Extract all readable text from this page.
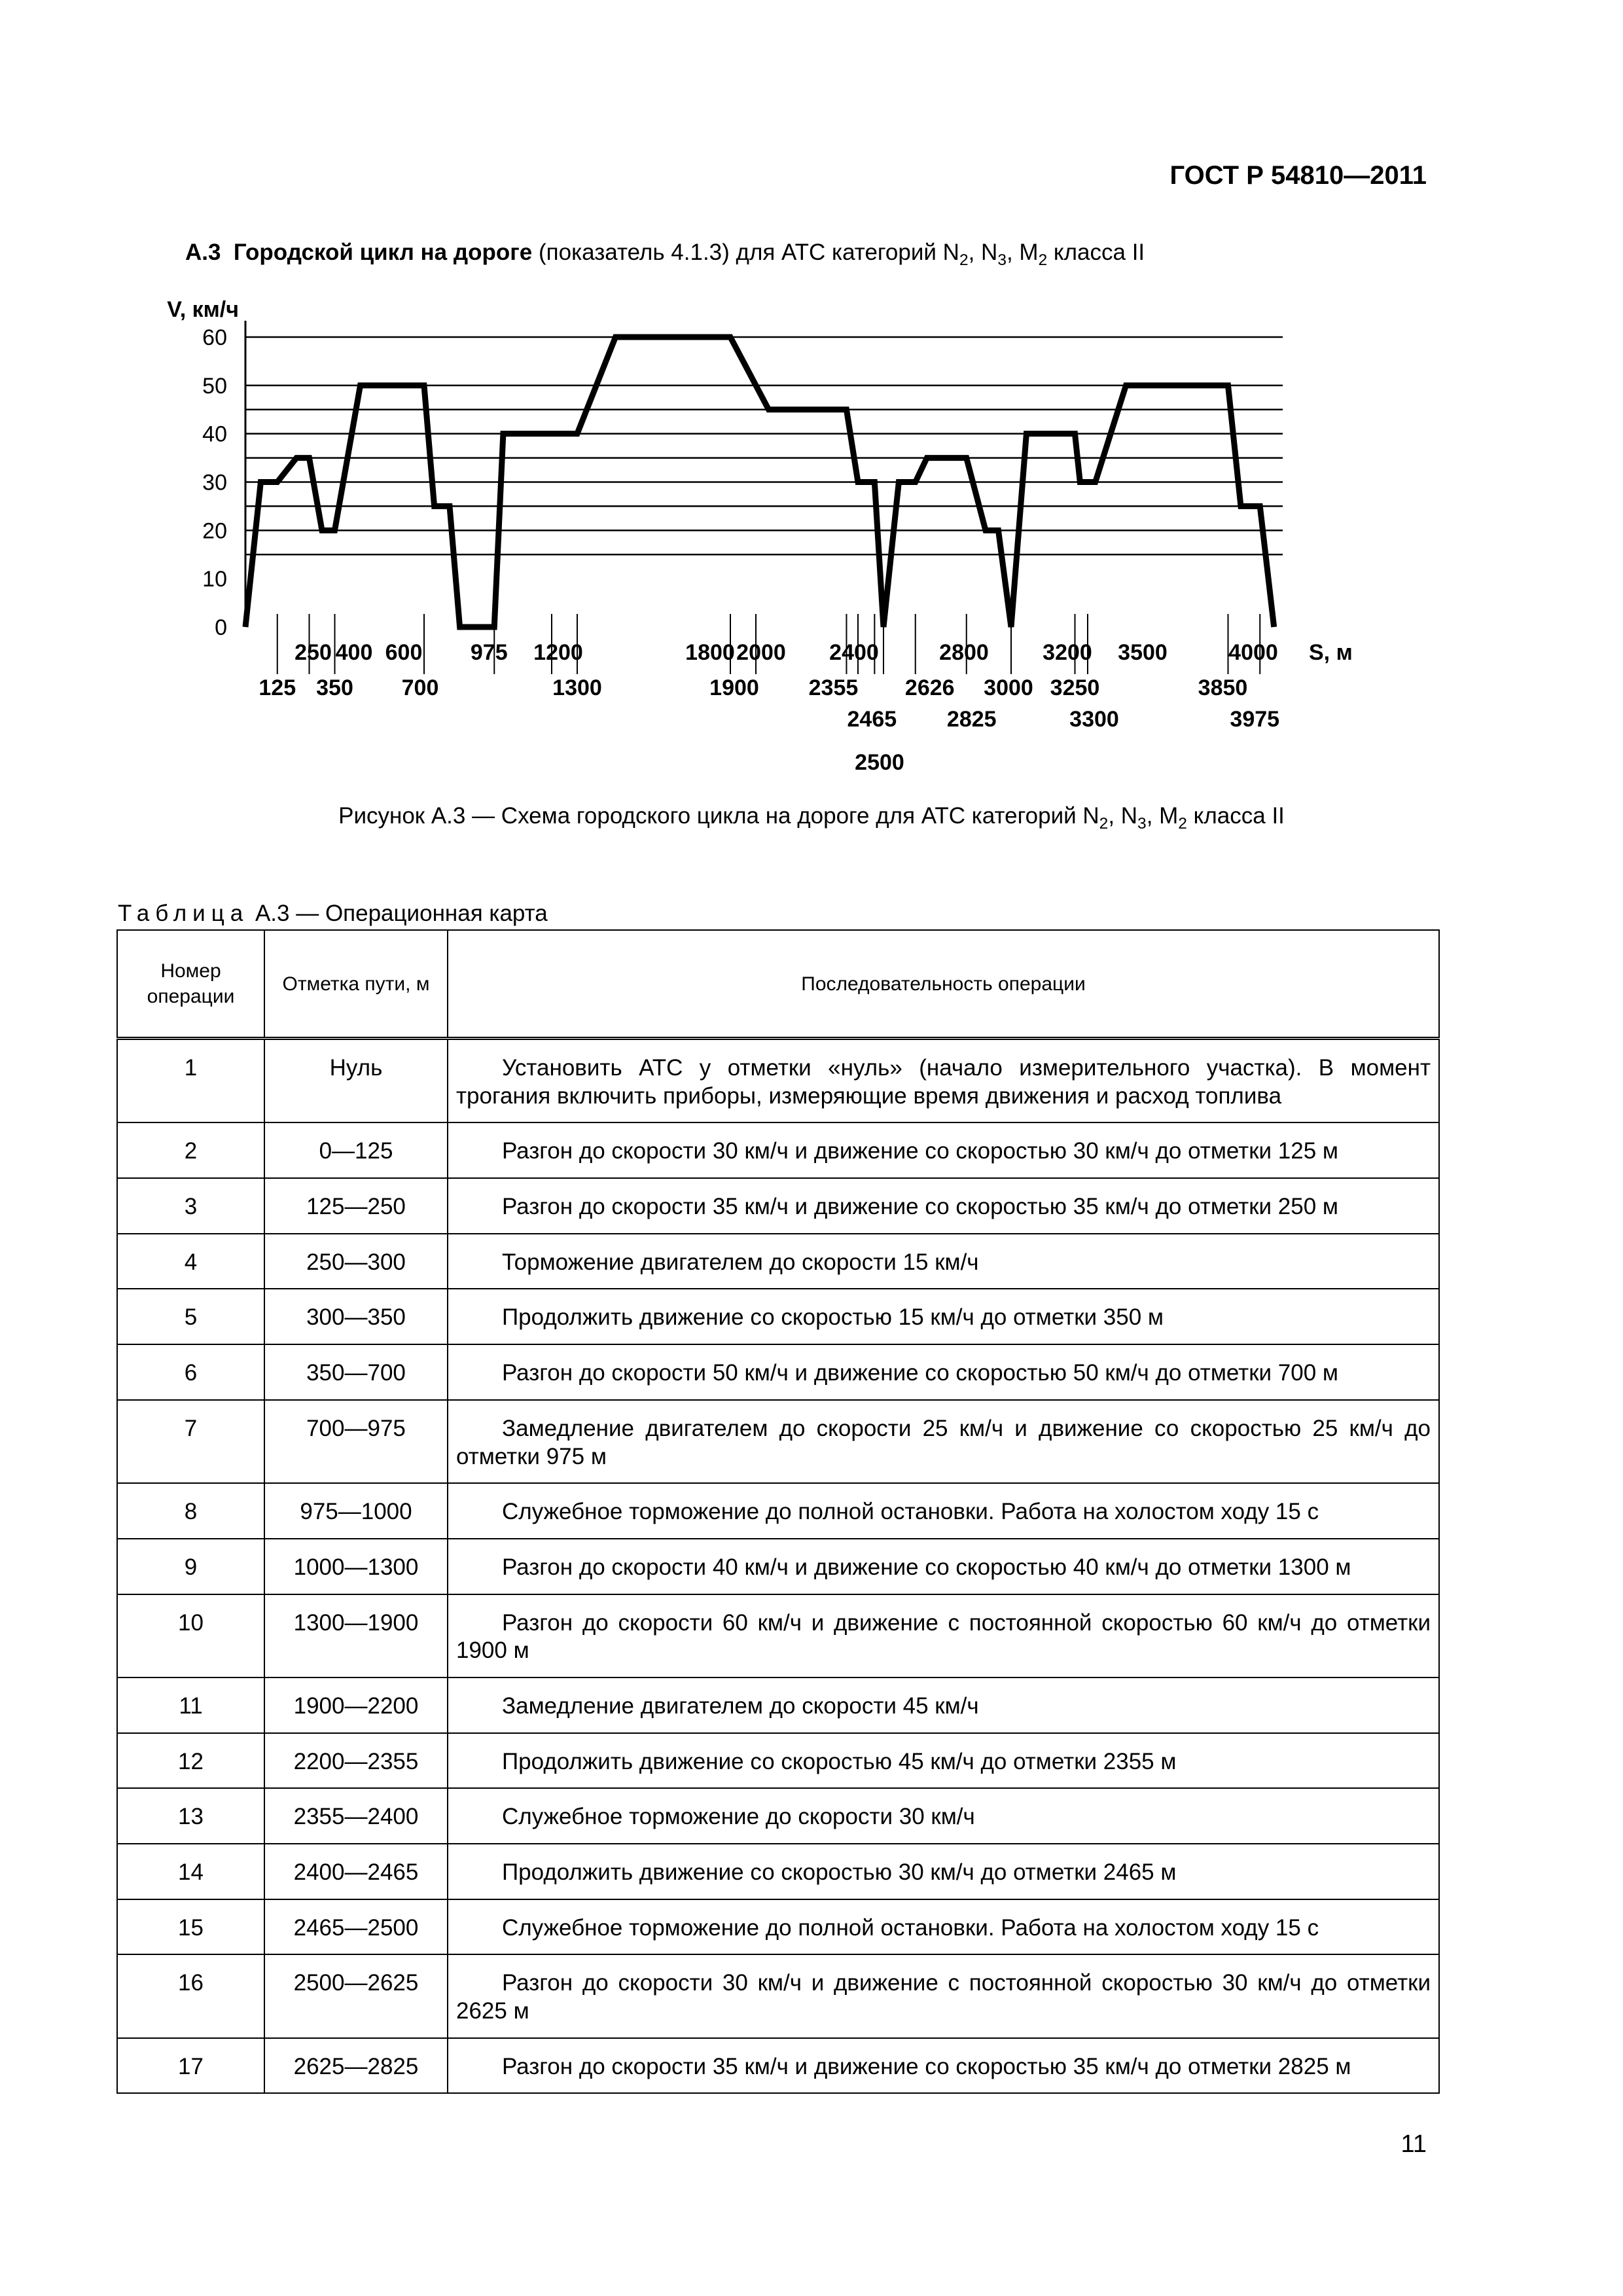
ГОСТ Р 54810—2011
А.3 Городской цикл на дороге (показатель 4.1.3) для АТС категорий $N_2$, $N_3$, $M_2$ класса II
60
50
40
30
20
10
0
V, км/ч
250 400 600 975 1200	1800 2000 2400	2800 3200 3500	4000 S, м
125 350 700	1300	1900 2355 2626 3000 3250	3850
2465 2825	3300	3975
2500
Рисунок А.3 — Схема городского цикла на дороге для АТС категорий $N_2$, $N_3$, $M_2$ класса II
Таблица А.3 — Операционная карта
Номер операции	Отметка пути, м	Последовательность операции
1	Нуль	Установить АТС у отметки «нуль» (начало измерительного участка). В момент трогания включить приборы, измеряющие время движения и расход топлива
2	0—125	Разгон до скорости 30 км/ч и движение со скоростью 30 км/ч до отметки 125 м
3	125—250	Разгон до скорости 35 км/ч и движение со скоростью 35 км/ч до отметки 250 м
4	250—300	Торможение двигателем до скорости 15 км/ч
5	300—350	Продолжить движение со скоростью 15 км/ч до отметки 350 м
6	350—700	Разгон до скорости 50 км/ч и движение со скоростью 50 км/ч до отметки 700 м
7	700—975	Замедление двигателем до скорости 25 км/ч и движение со скоростью 25 км/ч до отметки 975 м
8	975—1000	Служебное торможение до полной остановки. Работа на холостом ходу 15 с
9	1000—1300	Разгон до скорости 40 км/ч и движение со скоростью 40 км/ч до отметки 1300 м
10	1300—1900	Разгон до скорости 60 км/ч и движение с постоянной скоростью 60 км/ч до отметки 1900 м
11	1900—2200	Замедление двигателем до скорости 45 км/ч
12	2200—2355	Продолжить движение со скоростью 45 км/ч до отметки 2355 м
13	2355—2400	Служебное торможение до скорости 30 км/ч
14	2400—2465	Продолжить движение со скоростью 30 км/ч до отметки 2465 м
15	2465—2500	Служебное торможение до полной остановки. Работа на холостом ходу 15 с
16	2500—2625	Разгон до скорости 30 км/ч и движение с постоянной скоростью 30 км/ч до отметки 2625 м
17	2625—2825	Разгон до скорости 35 км/ч и движение со скоростью 35 км/ч до отметки 2825 м
11
